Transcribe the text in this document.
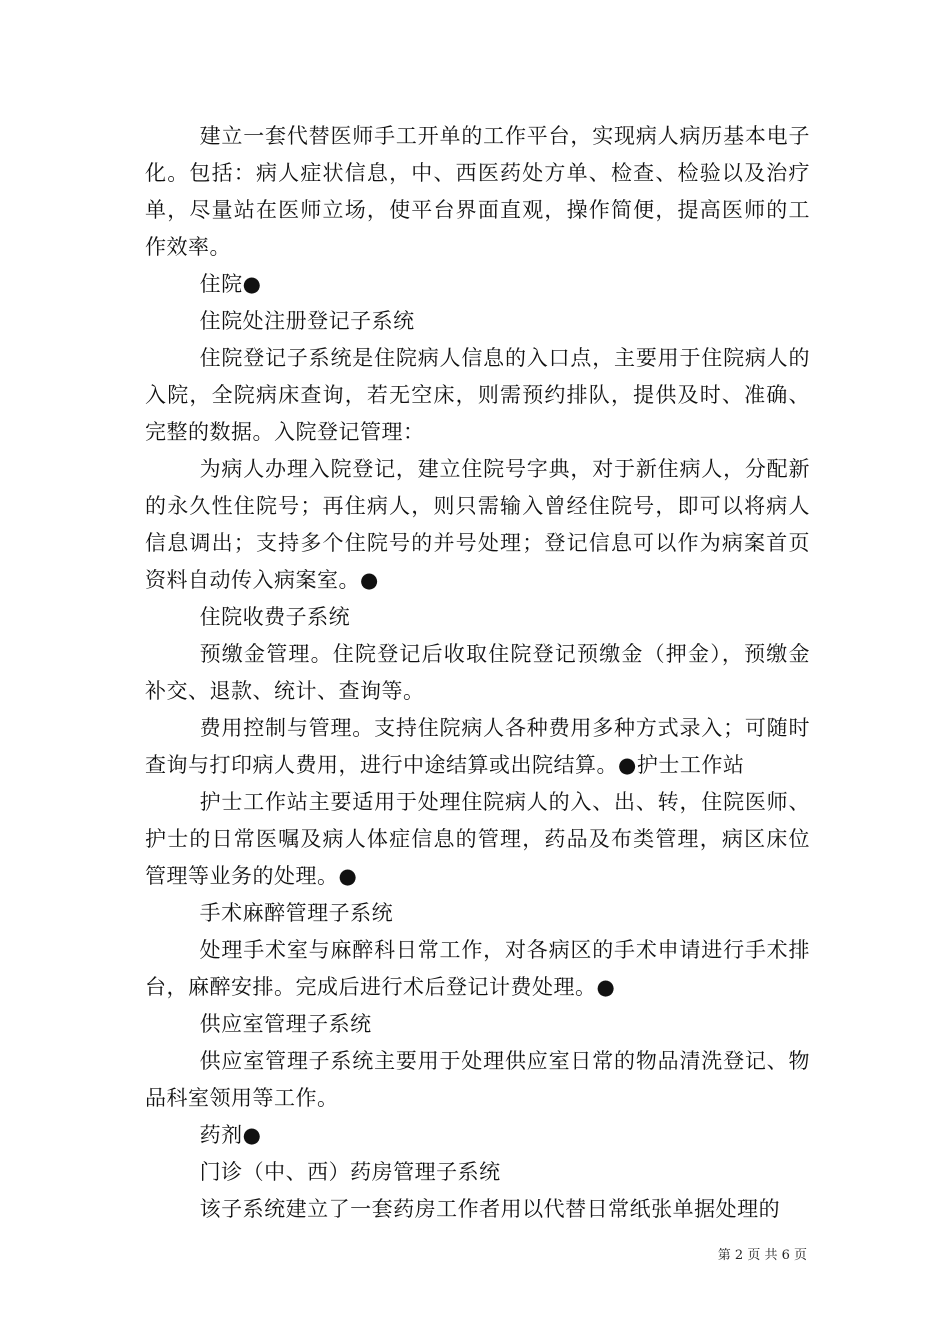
建立一套代替医师手工开单的工作平台，实现病人病历基本电子化。包括：病人症状信息，中、西医药处方单、检查、检验以及治疗单，尽量站在医师立场，使平台界面直观，操作简便，提高医师的工作效率。

住院●

住院处注册登记子系统

住院登记子系统是住院病人信息的入口点，主要用于住院病人的入院，全院病床查询，若无空床，则需预约排队，提供及时、准确、完整的数据。入院登记管理：

为病人办理入院登记，建立住院号字典，对于新住病人，分配新的永久性住院号；再住病人，则只需输入曾经住院号，即可以将病人信息调出；支持多个住院号的并号处理；登记信息可以作为病案首页资料自动传入病案室。●

住院收费子系统

预缴金管理。住院登记后收取住院登记预缴金（押金），预缴金补交、退款、统计、查询等。

费用控制与管理。支持住院病人各种费用多种方式录入；可随时查询与打印病人费用，进行中途结算或出院结算。●护士工作站

护士工作站主要适用于处理住院病人的入、出、转，住院医师、护士的日常医嘱及病人体症信息的管理，药品及布类管理，病区床位管理等业务的处理。●

手术麻醉管理子系统

处理手术室与麻醉科日常工作，对各病区的手术申请进行手术排台，麻醉安排。完成后进行术后登记计费处理。●

供应室管理子系统

供应室管理子系统主要用于处理供应室日常的物品清洗登记、物品科室领用等工作。

药剂●

门诊（中、西）药房管理子系统

该子系统建立了一套药房工作者用以代替日常纸张单据处理的

第 2 页 共 6 页
